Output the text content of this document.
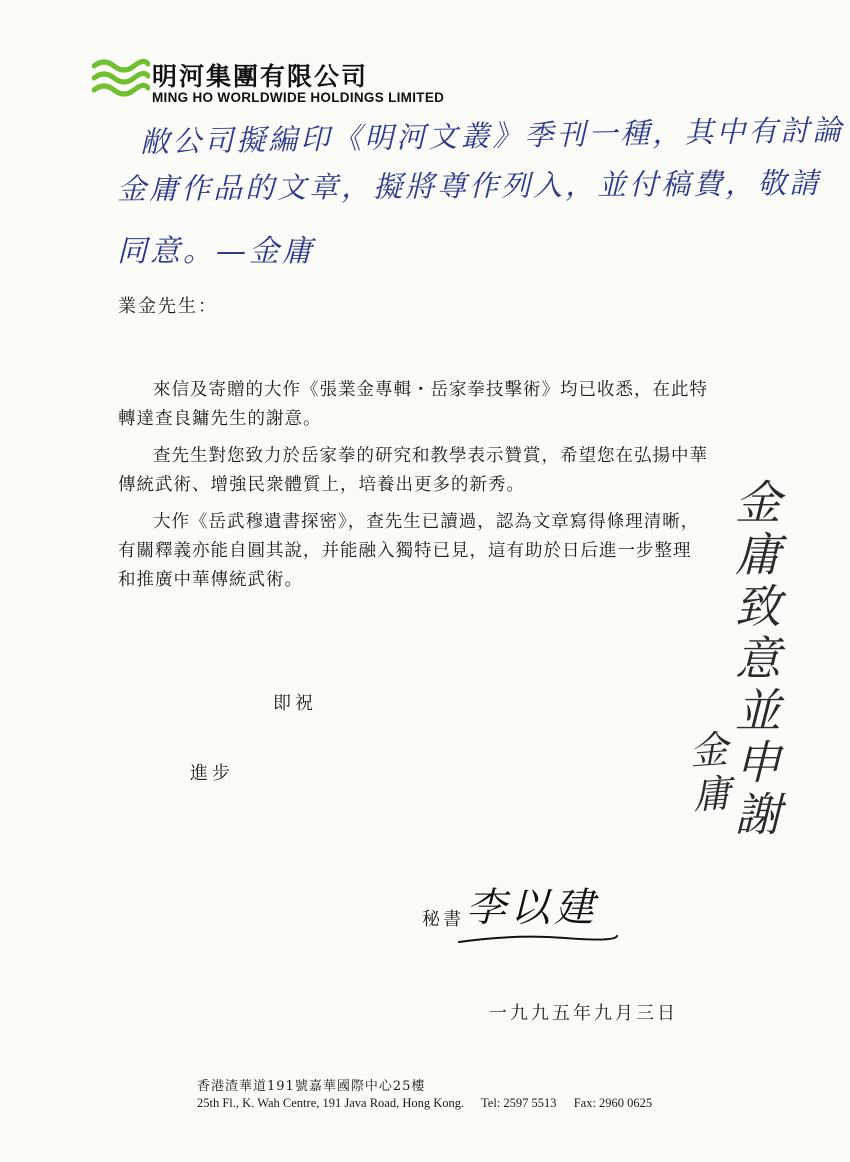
明河集團有限公司
MING HO WORLDWIDE HOLDINGS LIMITED
敝公司擬編印《明河文叢》季刊一種，其中有討論
金庸作品的文章，擬將尊作列入，並付稿費，敬請
同意。—金庸
業金先生：

來信及寄贈的大作《張業金專輯・岳家拳技擊術》均已收悉，在此特轉達查良鏞先生的謝意。

查先生對您致力於岳家拳的研究和教學表示贊賞，希望您在弘揚中華傳統武術、增強民衆體質上，培養出更多的新秀。

大作《岳武穆遺書探密》，查先生已讀過，認為文章寫得條理清晰，有關釋義亦能自圓其說，并能融入獨特已見，這有助於日后進一步整理和推廣中華傳統武術。	金庸致意並申謝
金庸
即祝
進步
秘書 李以建
一九九五年九月三日
香港渣華道191號嘉華國際中心25樓
25th Fl., K. Wah Centre, 191 Java Road, Hong Kong. Tel: 2597 5513 Fax: 2960 0625
